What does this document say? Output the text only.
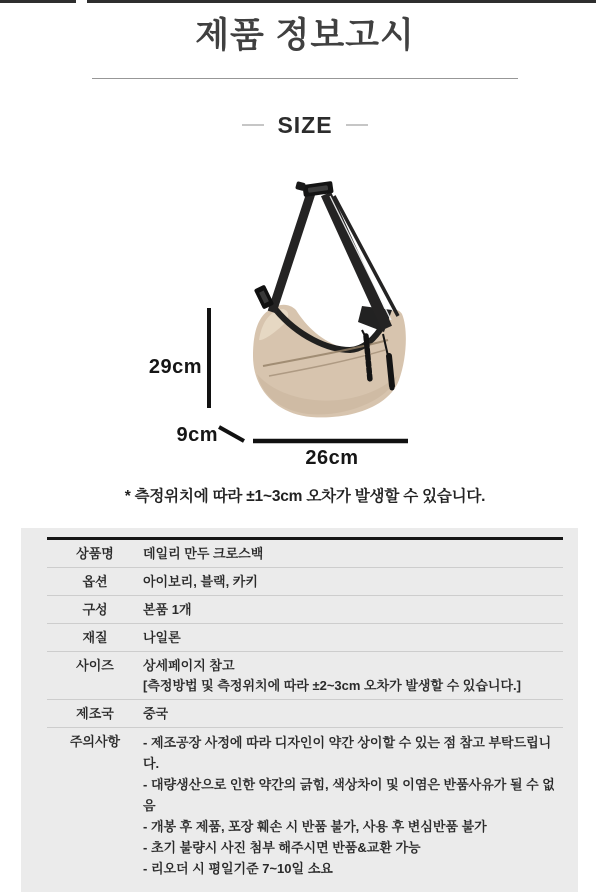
제품 정보고시
SIZE
29cm
9cm
26cm
* 측정위치에 따라 ±1~3cm 오차가 발생할 수 있습니다.
상품명	데일리 만두 크로스백
옵션	아이보리, 블랙, 카키
구성	본품 1개
재질	나일론
사이즈	상세페이지 참고
[측정방법 및 측정위치에 따라 ±2~3cm 오차가 발생할 수 있습니다.]
제조국	중국
주의사항	- 제조공장 사정에 따라 디자인이 약간 상이할 수 있는 점 참고 부탁드립니다.
- 대량생산으로 인한 약간의 긁힘, 색상차이 및 이염은 반품사유가 될 수 없음
- 개봉 후 제품, 포장 훼손 시 반품 불가, 사용 후 변심반품 불가
- 초기 불량시 사진 첨부 해주시면 반품&교환 가능
- 리오더 시 평일기준 7~10일 소요
